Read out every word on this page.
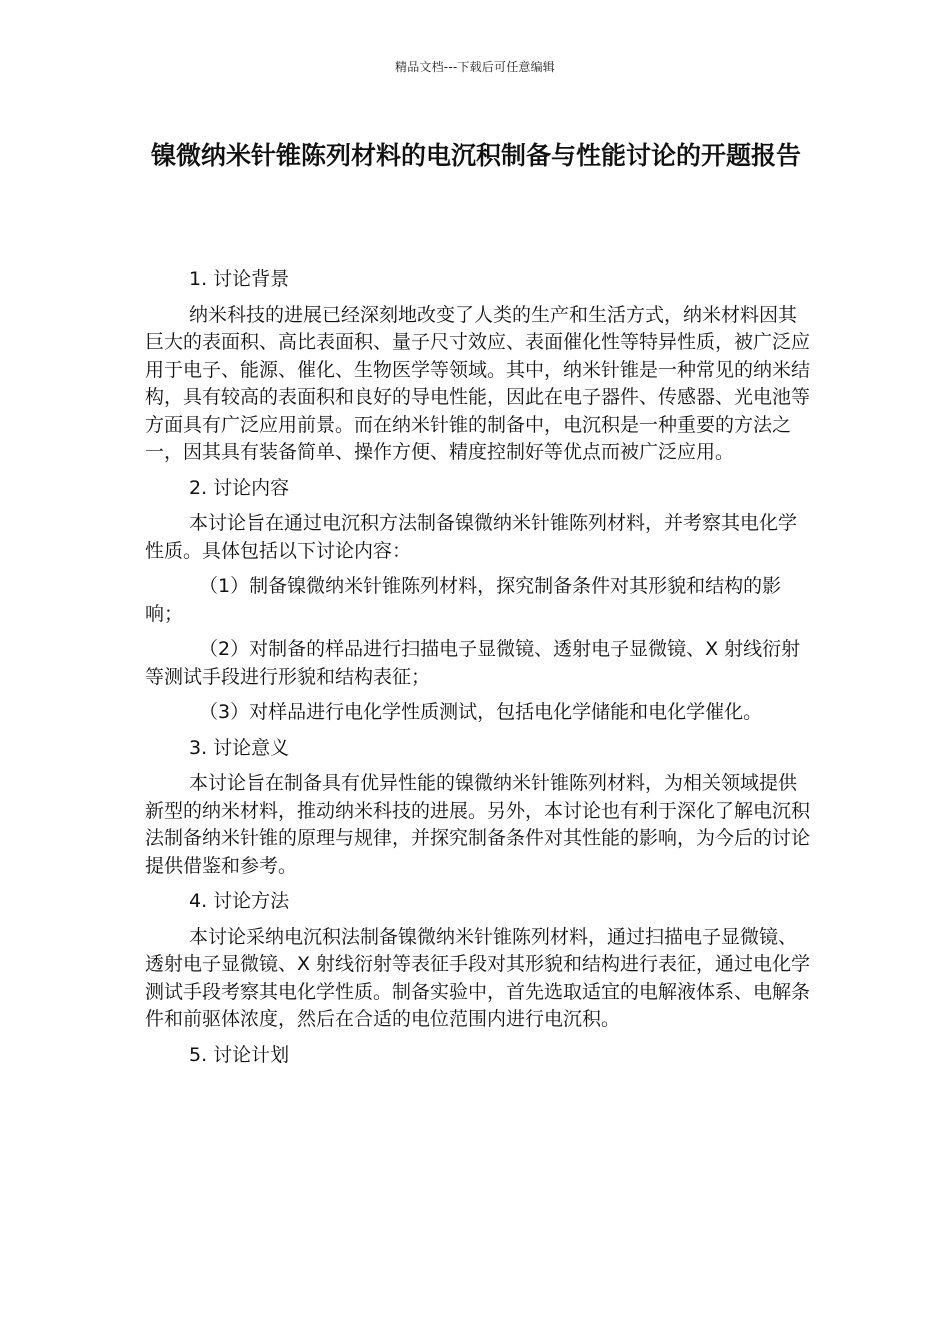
精品文档---下载后可任意编辑
镍微纳米针锥陈列材料的电沉积制备与性能讨论的开题报告

1. 讨论背景

纳米科技的进展已经深刻地改变了人类的生产和生活方式，纳米材料因其巨大的表面积、高比表面积、量子尺寸效应、表面催化性等特异性质，被广泛应用于电子、能源、催化、生物医学等领域。其中，纳米针锥是一种常见的纳米结构，具有较高的表面积和良好的导电性能，因此在电子器件、传感器、光电池等方面具有广泛应用前景。而在纳米针锥的制备中，电沉积是一种重要的方法之一，因其具有装备简单、操作方便、精度控制好等优点而被广泛应用。

2. 讨论内容

本讨论旨在通过电沉积方法制备镍微纳米针锥陈列材料，并考察其电化学性质。具体包括以下讨论内容：

（1）制备镍微纳米针锥陈列材料，探究制备条件对其形貌和结构的影响；

（2）对制备的样品进行扫描电子显微镜、透射电子显微镜、X 射线衍射等测试手段进行形貌和结构表征；

（3）对样品进行电化学性质测试，包括电化学储能和电化学催化。

3. 讨论意义

本讨论旨在制备具有优异性能的镍微纳米针锥陈列材料，为相关领域提供新型的纳米材料，推动纳米科技的进展。另外，本讨论也有利于深化了解电沉积法制备纳米针锥的原理与规律，并探究制备条件对其性能的影响，为今后的讨论提供借鉴和参考。

4. 讨论方法

本讨论采纳电沉积法制备镍微纳米针锥陈列材料，通过扫描电子显微镜、透射电子显微镜、X 射线衍射等表征手段对其形貌和结构进行表征，通过电化学测试手段考察其电化学性质。制备实验中，首先选取适宜的电解液体系、电解条件和前驱体浓度，然后在合适的电位范围内进行电沉积。

5. 讨论计划
